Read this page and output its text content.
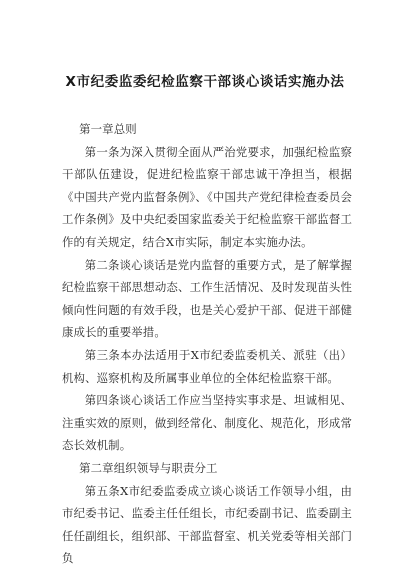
X市纪委监委纪检监察干部谈心谈话实施办法

第一章总则

第一条为深入贯彻全面从严治党要求，加强纪检监察干部队伍建设，促进纪检监察干部忠诚干净担当，根据《中国共产党内监督条例》、《中国共产党纪律检查委员会工作条例》及中央纪委国家监委关于纪检监察干部监督工作的有关规定，结合X市实际，制定本实施办法。

第二条谈心谈话是党内监督的重要方式，是了解掌握纪检监察干部思想动态、工作生活情况、及时发现苗头性倾向性问题的有效手段，也是关心爱护干部、促进干部健康成长的重要举措。

第三条本办法适用于X市纪委监委机关、派驻（出）机构、巡察机构及所属事业单位的全体纪检监察干部。

第四条谈心谈话工作应当坚持实事求是、坦诚相见、注重实效的原则，做到经常化、制度化、规范化，形成常态长效机制。

第二章组织领导与职责分工

第五条X市纪委监委成立谈心谈话工作领导小组，由市纪委书记、监委主任任组长，市纪委副书记、监委副主任任副组长，组织部、干部监督室、机关党委等相关部门负
